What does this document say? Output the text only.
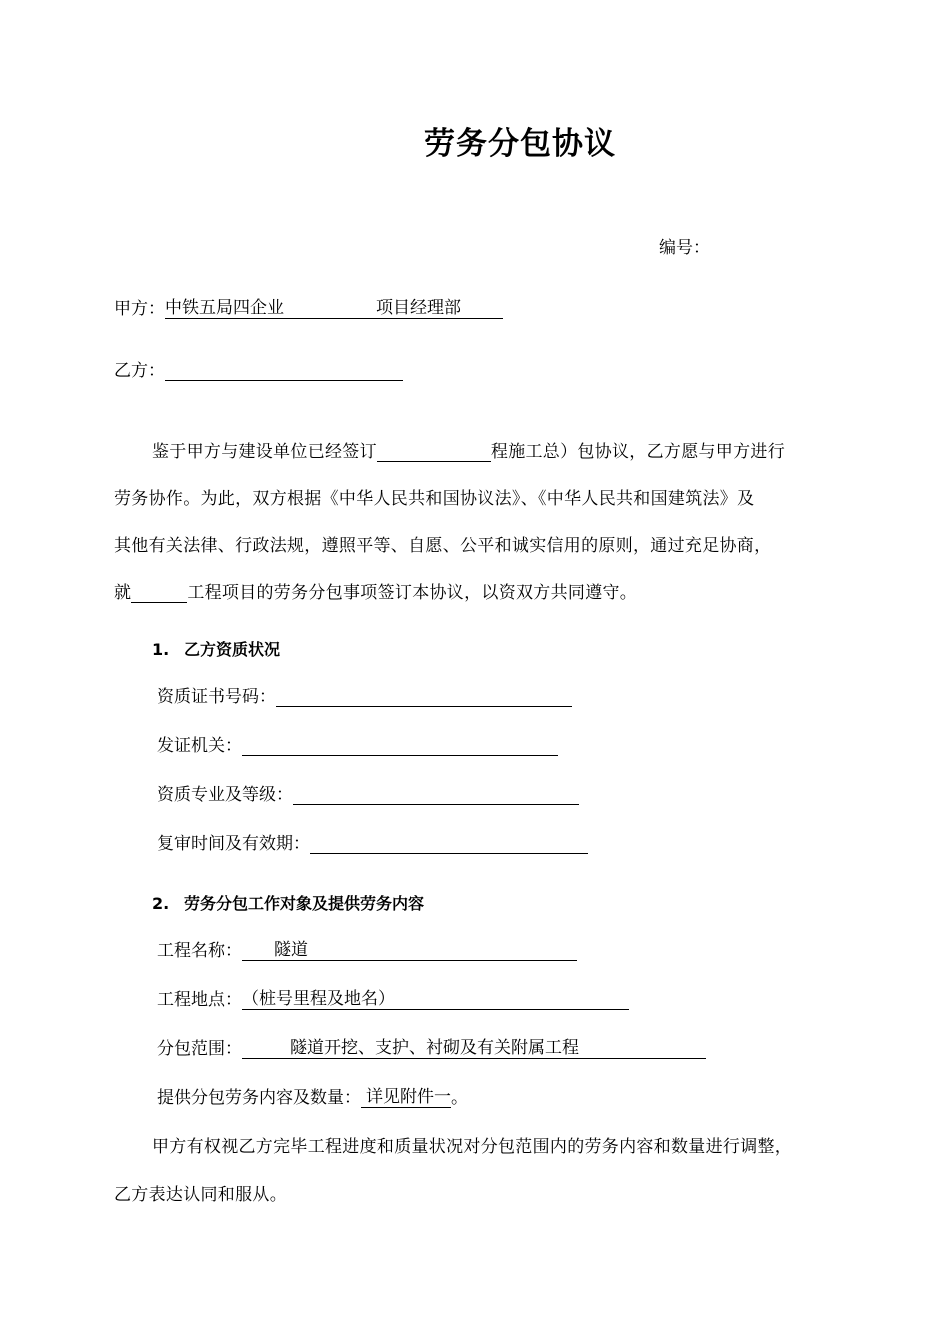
劳务分包协议
编号：
甲方：中铁五局四企业	项目经理部
乙方：
鉴于甲方与建设单位已经签订	程施工总）包协议，乙方愿与甲方进行
劳务协作。为此，双方根据《中华人民共和国协议法》、《中华人民共和国建筑法》及
其他有关法律、行政法规，遵照平等、自愿、公平和诚实信用的原则，通过充足协商，
就	工程项目的劳务分包事项签订本协议，以资双方共同遵守。
1. 乙方资质状况
资质证书号码：
发证机关：
资质专业及等级：
复审时间及有效期：
2. 劳务分包工作对象及提供劳务内容
工程名称： 隧道
工程地点：（桩号里程及地名）
分包范围：	隧道开挖、支护、衬砌及有关附属工程
提供分包劳务内容及数量： 详见附件一。
甲方有权视乙方完毕工程进度和质量状况对分包范围内的劳务内容和数量进行调整，
乙方表达认同和服从。
